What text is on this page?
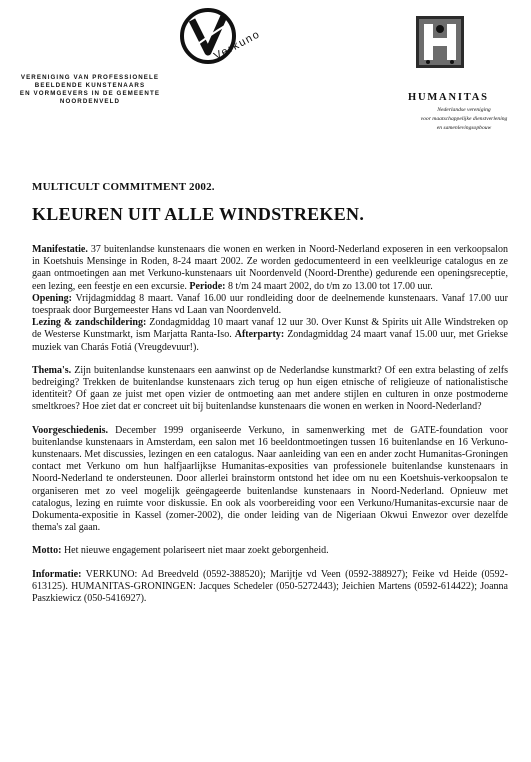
Verkuno
VERENIGING VAN PROFESSIONELE
BEELDENDE KUNSTENAARS
EN VORMGEVERS IN DE GEMEENTE
NOORDENVELD	HUMANITAS
Nederlandse vereniging
voor maatschappelijke dienstverlening
en samenlevingsopbouw
MULTICULT COMMITMENT 2002.
KLEUREN UIT ALLE WINDSTREKEN.

Manifestatie. 37 buitenlandse kunstenaars die wonen en werken in Noord-Nederland exposeren in een verkoopsalon in Koetshuis Mensinge in Roden, 8-24 maart 2002. Ze worden gedocumenteerd in een veelkleurige catalogus en ze gaan ontmoetingen aan met Verkuno-kunstenaars uit Noordenveld (Noord-Drenthe) gedurende een openingsreceptie, een lezing, een feestje en een excursie. Periode: 8 t/m 24 maart 2002, do t/m zo 13.00 tot 17.00 uur.
Opening: Vrijdagmiddag 8 maart. Vanaf 16.00 uur rondleiding door de deelnemende kunstenaars. Vanaf 17.00 uur toespraak door Burgemeester Hans vd Laan van Noordenveld.
Lezing & zandschildering: Zondagmiddag 10 maart vanaf 12 uur 30. Over Kunst & Spirits uit Alle Windstreken op de Westerse Kunstmarkt, ism Marjatta Ranta-Iso. Afterparty: Zondagmiddag 24 maart vanaf 15.00 uur, met Griekse muziek van Charás Fotiá (Vreugdevuur!).

Thema's. Zijn buitenlandse kunstenaars een aanwinst op de Nederlandse kunstmarkt? Of een extra belasting of zelfs bedreiging? Trekken de buitenlandse kunstenaars zich terug op hun eigen etnische of religieuze of nationalistische identiteit? Of gaan ze juist met open vizier de ontmoeting aan met andere stijlen en culturen in onze postmoderne smeltkroes? Hoe ziet dat er concreet uit bij buitenlandse kunstenaars die wonen en werken in Noord-Nederland?

Voorgeschiedenis. December 1999 organiseerde Verkuno, in samenwerking met de GATE-foundation voor buitenlandse kunstenaars in Amsterdam, een salon met 16 beeldontmoetingen tussen 16 buitenlandse en 16 Verkuno-kunstenaars. Met discussies, lezingen en een catalogus. Naar aanleiding van een en ander zocht Humanitas-Groningen contact met Verkuno om hun halfjaarlijkse Humanitas-exposities van professionele buitenlandse kunstenaars in Noord-Nederland te ondersteunen. Door allerlei brainstorm ontstond het idee om nu een Koetshuis-verkoopsalon te organiseren met zo veel mogelijk geëngageerde buitenlandse kunstenaars in Noord-Nederland. Opnieuw met catalogus, lezing en ruimte voor diskussie. En ook als voorbereiding voor een Verkuno/Humanitas-excursie naar de Dokumenta-expositie in Kassel (zomer-2002), die onder leiding van de Nigeriaan Okwui Enwezor over dezelfde thema's zal gaan.

Motto: Het nieuwe engagement polariseert niet maar zoekt geborgenheid.

Informatie: VERKUNO: Ad Breedveld (0592-388520); Marijtje vd Veen (0592-388927); Feike vd Heide (0592-613125). HUMANITAS-GRONINGEN: Jacques Schedeler (050-5272443); Jeichien Martens (0592-614422); Joanna Paszkiewicz (050-5416927).
